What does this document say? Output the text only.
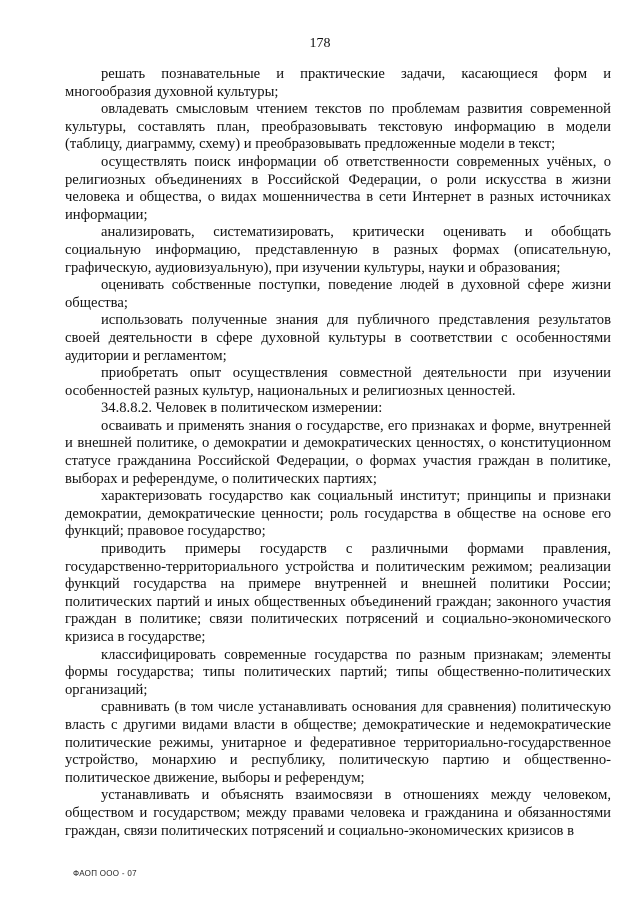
178

решать познавательные и практические задачи, касающиеся форм и многообразия духовной культуры;

овладевать смысловым чтением текстов по проблемам развития современной культуры, составлять план, преобразовывать текстовую информацию в модели (таблицу, диаграмму, схему) и преобразовывать предложенные модели в текст;

осуществлять поиск информации об ответственности современных учёных, о религиозных объединениях в Российской Федерации, о роли искусства в жизни человека и общества, о видах мошенничества в сети Интернет в разных источниках информации;

анализировать, систематизировать, критически оценивать и обобщать социальную информацию, представленную в разных формах (описательную, графическую, аудиовизуальную), при изучении культуры, науки и образования;

оценивать собственные поступки, поведение людей в духовной сфере жизни общества;

использовать полученные знания для публичного представления результатов своей деятельности в сфере духовной культуры в соответствии с особенностями аудитории и регламентом;

приобретать опыт осуществления совместной деятельности при изучении особенностей разных культур, национальных и религиозных ценностей.

34.8.8.2. Человек в политическом измерении:

осваивать и применять знания о государстве, его признаках и форме, внутренней и внешней политике, о демократии и демократических ценностях, о конституционном статусе гражданина Российской Федерации, о формах участия граждан в политике, выборах и референдуме, о политических партиях;

характеризовать государство как социальный институт; принципы и признаки демократии, демократические ценности; роль государства в обществе на основе его функций; правовое государство;

приводить примеры государств с различными формами правления, государственно-территориального устройства и политическим режимом; реализации функций государства на примере внутренней и внешней политики России; политических партий и иных общественных объединений граждан; законного участия граждан в политике; связи политических потрясений и социально-экономического кризиса в государстве;

классифицировать современные государства по разным признакам; элементы формы государства; типы политических партий; типы общественно-политических организаций;

сравнивать (в том числе устанавливать основания для сравнения) политическую власть с другими видами власти в обществе; демократические и недемократические политические режимы, унитарное и федеративное территориально-государственное устройство, монархию и республику, политическую партию и общественно-политическое движение, выборы и референдум;

устанавливать и объяснять взаимосвязи в отношениях между человеком, обществом и государством; между правами человека и гражданина и обязанностями граждан, связи политических потрясений и социально-экономических кризисов в

ФАОП ООО - 07
